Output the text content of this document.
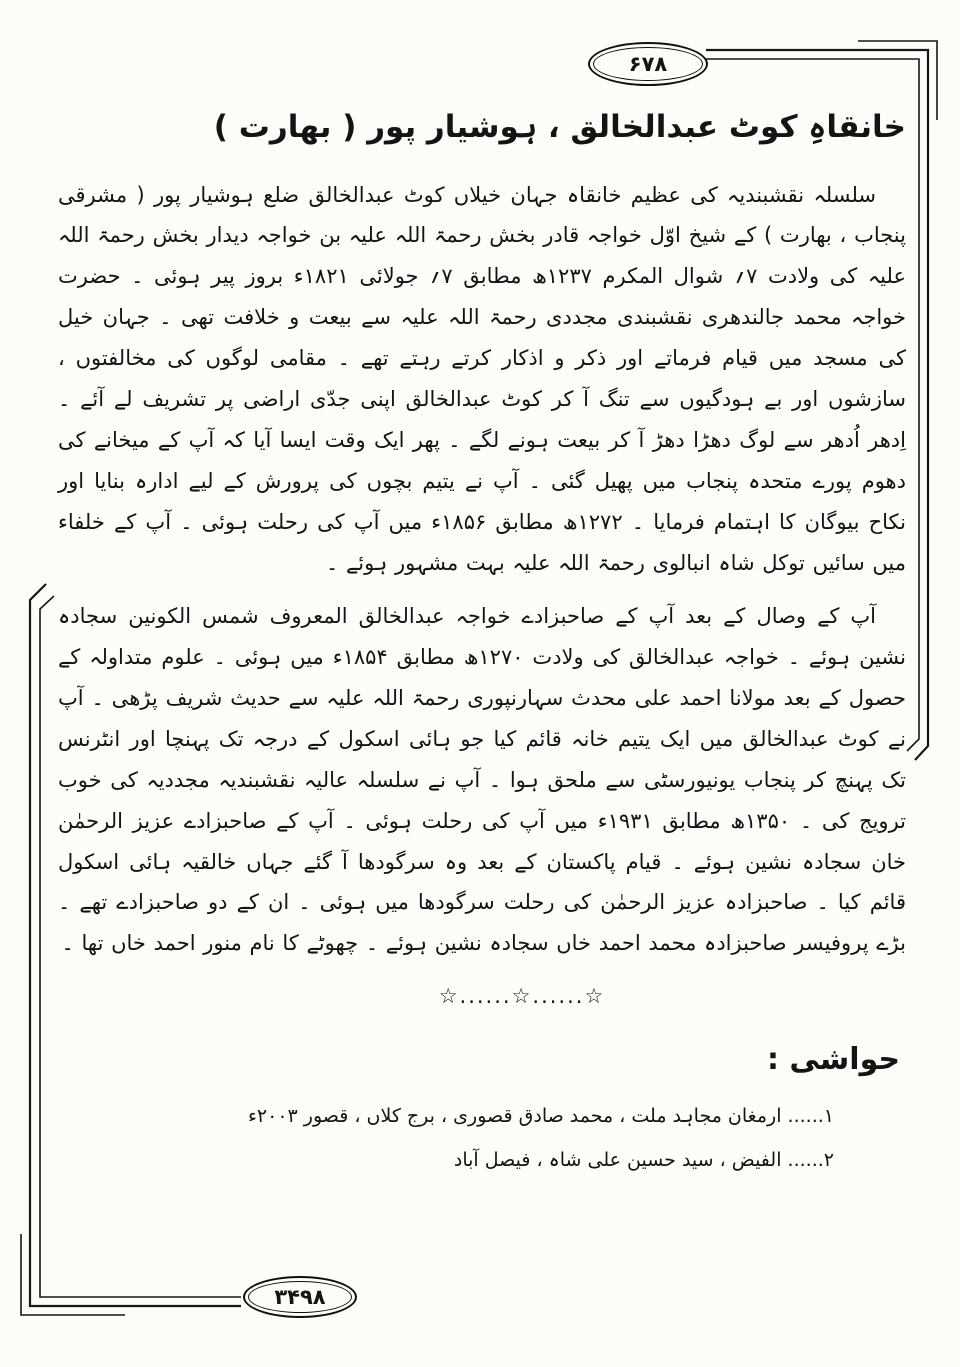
۶۷۸
خانقاہِ کوٹ عبدالخالق ، ہوشیار پور ( بھارت )

سلسلہ نقشبندیہ کی عظیم خانقاہ جہان خیلاں کوٹ عبدالخالق ضلع ہوشیار پور ( مشرقی پنجاب ، بھارت ) کے شیخ اوّل خواجہ قادر بخش رحمۃ اللہ علیہ بن خواجہ دیدار بخش رحمۃ اللہ علیہ کی ولادت ۷؍ شوال المکرم ۱۲۳۷ھ مطابق ۷؍ جولائی ۱۸۲۱ء بروز پیر ہوئی ۔ حضرت خواجہ محمد جالندھری نقشبندی مجددی رحمۃ اللہ علیہ سے بیعت و خلافت تھی ۔ جہان خیل کی مسجد میں قیام فرماتے اور ذکر و اذکار کرتے رہتے تھے ۔ مقامی لوگوں کی مخالفتوں ، سازشوں اور بے ہودگیوں سے تنگ آ کر کوٹ عبدالخالق اپنی جدّی اراضی پر تشریف لے آئے ۔ اِدھر اُدھر سے لوگ دھڑا دھڑ آ کر بیعت ہونے لگے ۔ پھر ایک وقت ایسا آیا کہ آپ کے میخانے کی دھوم پورے متحدہ پنجاب میں پھیل گئی ۔ آپ نے یتیم بچوں کی پرورش کے لیے ادارہ بنایا اور نکاح بیوگان کا اہتمام فرمایا ۔ ۱۲۷۲ھ مطابق ۱۸۵۶ء میں آپ کی رحلت ہوئی ۔ آپ کے خلفاء میں سائیں توکل شاہ انبالوی رحمۃ اللہ علیہ بہت مشہور ہوئے ۔

آپ کے وصال کے بعد آپ کے صاحبزادے خواجہ عبدالخالق المعروف شمس الکونین سجادہ نشین ہوئے ۔ خواجہ عبدالخالق کی ولادت ۱۲۷۰ھ مطابق ۱۸۵۴ء میں ہوئی ۔ علوم متداولہ کے حصول کے بعد مولانا احمد علی محدث سہارنپوری رحمۃ اللہ علیہ سے حدیث شریف پڑھی ۔ آپ نے کوٹ عبدالخالق میں ایک یتیم خانہ قائم کیا جو ہائی اسکول کے درجہ تک پہنچا اور انٹرنس تک پہنچ کر پنجاب یونیورسٹی سے ملحق ہوا ۔ آپ نے سلسلہ عالیہ نقشبندیہ مجددیہ کی خوب ترویج کی ۔ ۱۳۵۰ھ مطابق ۱۹۳۱ء میں آپ کی رحلت ہوئی ۔ آپ کے صاحبزادے عزیز الرحمٰن خان سجادہ نشین ہوئے ۔ قیام پاکستان کے بعد وہ سرگودھا آ گئے جہاں خالقیہ ہائی اسکول قائم کیا ۔ صاحبزادہ عزیز الرحمٰن کی رحلت سرگودھا میں ہوئی ۔ ان کے دو صاحبزادے تھے ۔ بڑے پروفیسر صاحبزادہ محمد احمد خاں سجادہ نشین ہوئے ۔ چھوٹے کا نام منور احمد خاں تھا ۔

☆......☆......☆
حواشی :
۱...... ارمغان مجاہد ملت ، محمد صادق قصوری ، برج کلاں ، قصور ۲۰۰۳ء
۲...... الفیض ، سید حسین علی شاہ ، فیصل آباد
۳۴۹۸
